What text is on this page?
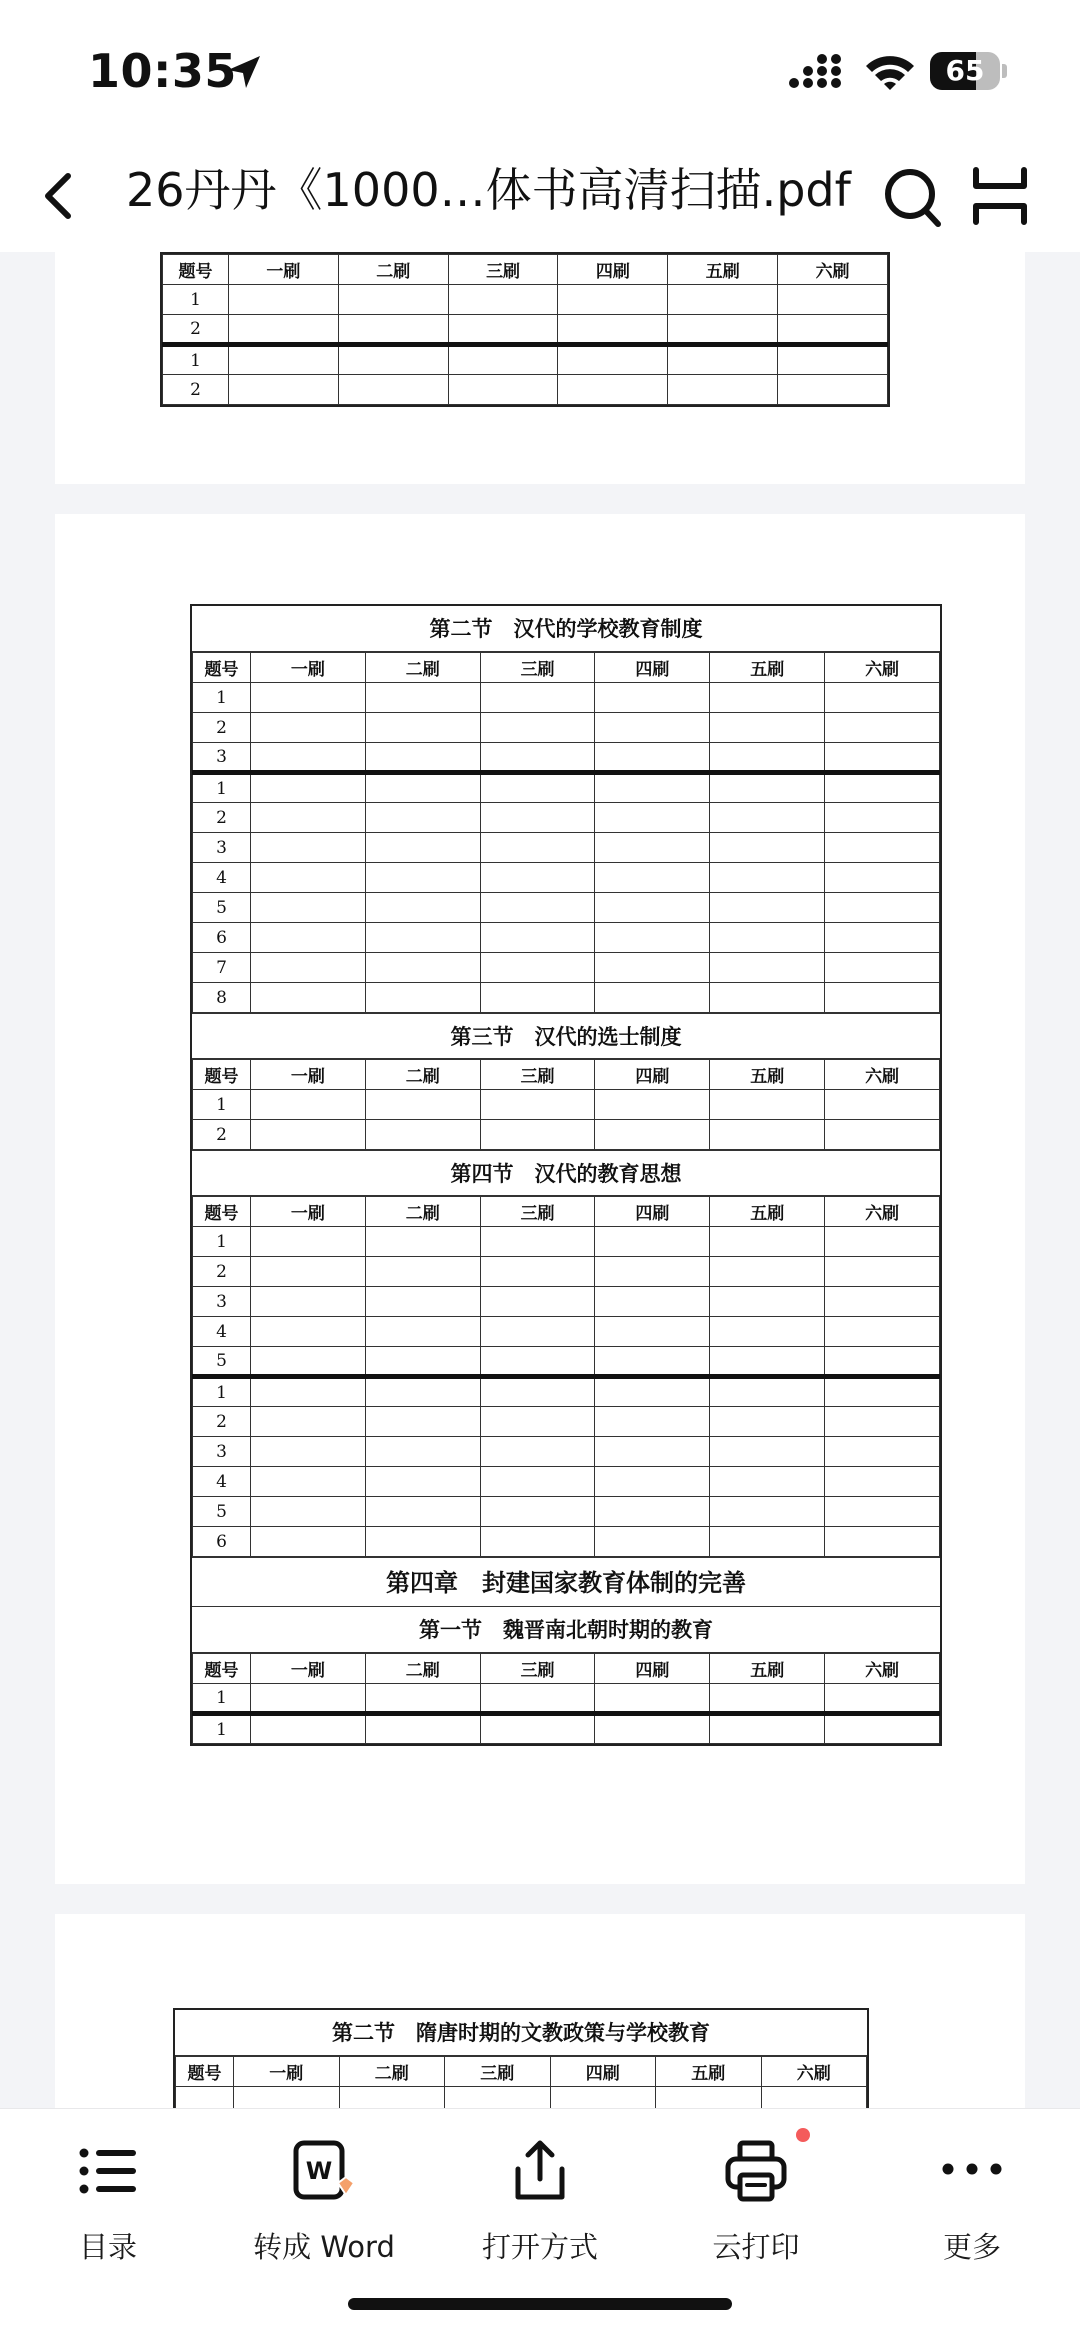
10:35	65
26丹丹《1000…体书高清扫描.pdf
题号	一刷	二刷	三刷	四刷	五刷	六刷
1						
2						
1						
2						
第二节　汉代的学校教育制度
题号	一刷	二刷	三刷	四刷	五刷	六刷
1						
2						
3						
1						
2						
3						
4						
5						
6						
7						
8						
第三节　汉代的选士制度
题号	一刷	二刷	三刷	四刷	五刷	六刷
1						
2						
第四节　汉代的教育思想
题号	一刷	二刷	三刷	四刷	五刷	六刷
1						
2						
3						
4						
5						
1						
2						
3						
4						
5						
6						
第四章　封建国家教育体制的完善
第一节　魏晋南北朝时期的教育
题号	一刷	二刷	三刷	四刷	五刷	六刷
1						
1						
第二节　隋唐时期的文教政策与学校教育
题号	一刷	二刷	三刷	四刷	五刷	六刷

目录
W
转成 Word	打开方式	云打印	更多
